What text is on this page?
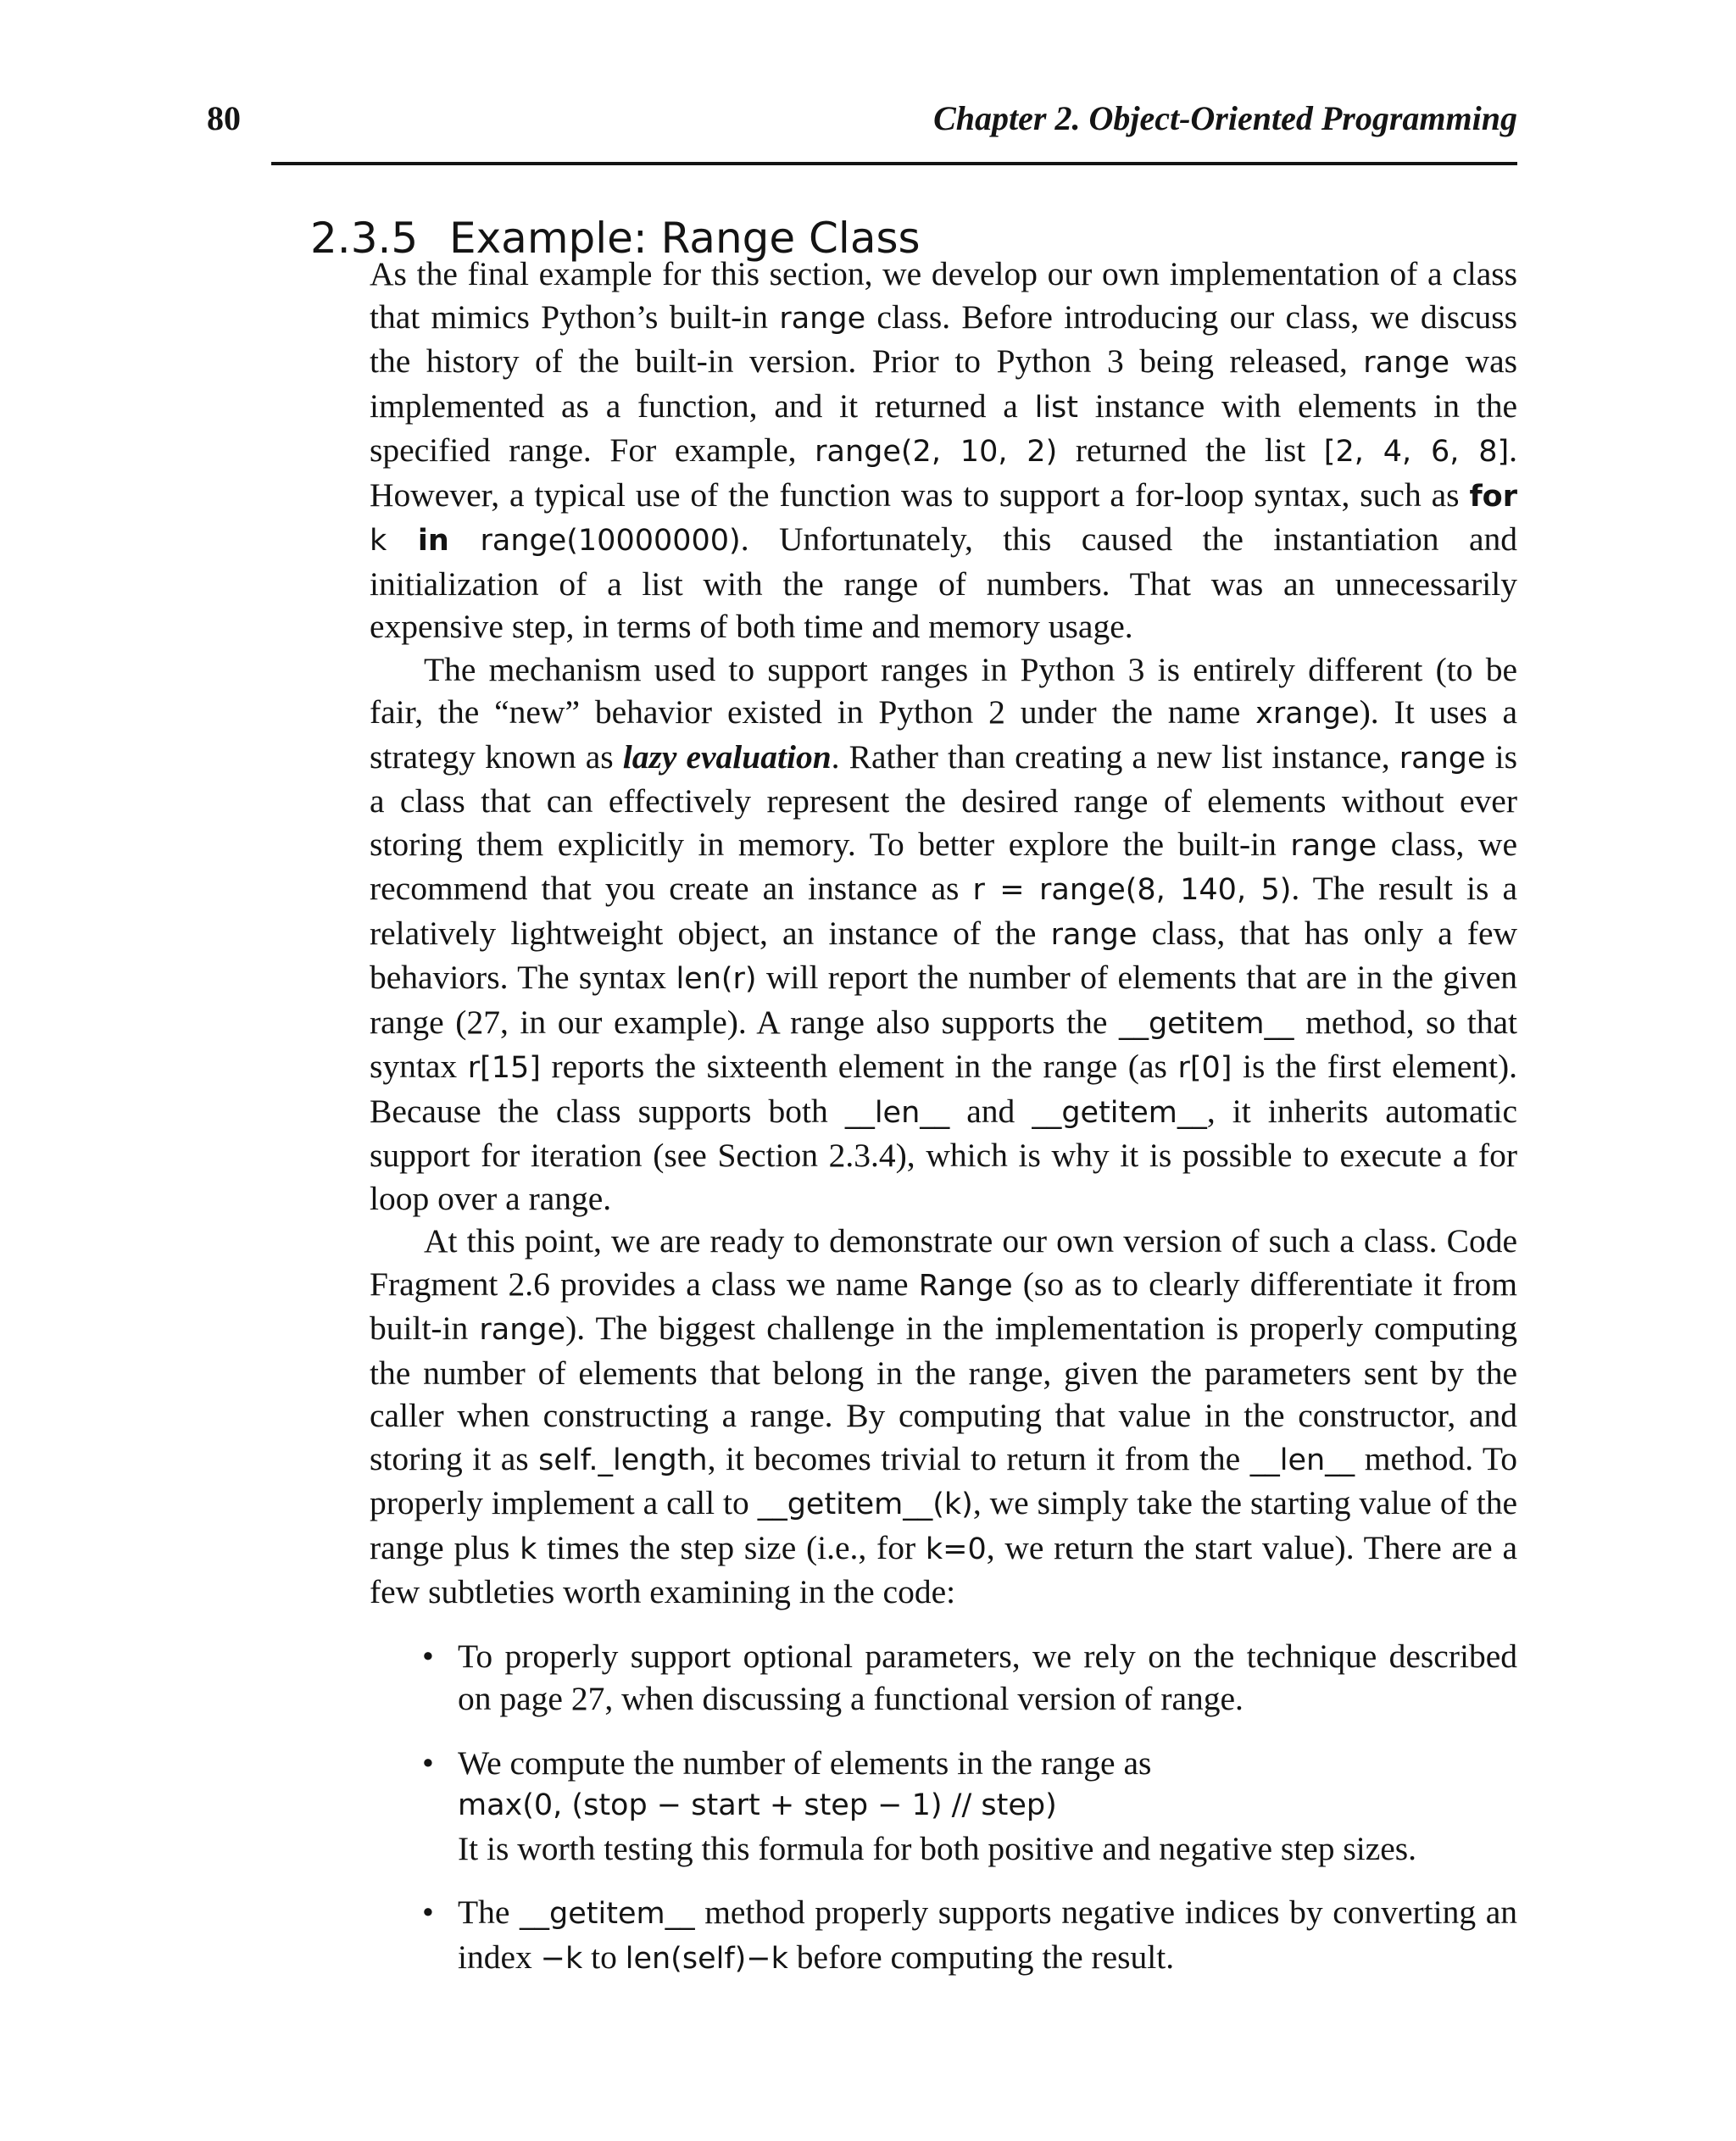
80	Chapter 2. Object-Oriented Programming
2.3.5 Example: Range Class

As the final example for this section, we develop our own implementation of a class that mimics Python’s built-in range class. Before introducing our class, we discuss the history of the built-in version. Prior to Python 3 being released, range was implemented as a function, and it returned a list instance with elements in the specified range. For example, range(2, 10, 2) returned the list [2, 4, 6, 8]. However, a typical use of the function was to support a for-loop syntax, such as for k in range(10000000). Unfortunately, this caused the instantiation and initialization of a list with the range of numbers. That was an unnecessarily expensive step, in terms of both time and memory usage.

The mechanism used to support ranges in Python 3 is entirely different (to be fair, the “new” behavior existed in Python 2 under the name xrange). It uses a strategy known as lazy evaluation. Rather than creating a new list instance, range is a class that can effectively represent the desired range of elements without ever storing them explicitly in memory. To better explore the built-in range class, we recommend that you create an instance as r = range(8, 140, 5). The result is a relatively lightweight object, an instance of the range class, that has only a few behaviors. The syntax len(r) will report the number of elements that are in the given range (27, in our example). A range also supports the __getitem__ method, so that syntax r[15] reports the sixteenth element in the range (as r[0] is the first element). Because the class supports both __len__ and __getitem__, it inherits automatic support for iteration (see Section 2.3.4), which is why it is possible to execute a for loop over a range.

At this point, we are ready to demonstrate our own version of such a class. Code Fragment 2.6 provides a class we name Range (so as to clearly differentiate it from built-in range). The biggest challenge in the implementation is properly computing the number of elements that belong in the range, given the parameters sent by the caller when constructing a range. By computing that value in the constructor, and storing it as self._length, it becomes trivial to return it from the __len__ method. To properly implement a call to __getitem__(k), we simply take the starting value of the range plus k times the step size (i.e., for k=0, we return the start value). There are a few subtleties worth examining in the code:

• To properly support optional parameters, we rely on the technique described on page 27, when discussing a functional version of range.
• We compute the number of elements in the range as
max(0, (stop − start + step − 1) // step)
It is worth testing this formula for both positive and negative step sizes.
• The __getitem__ method properly supports negative indices by converting an index −k to len(self)−k before computing the result.
